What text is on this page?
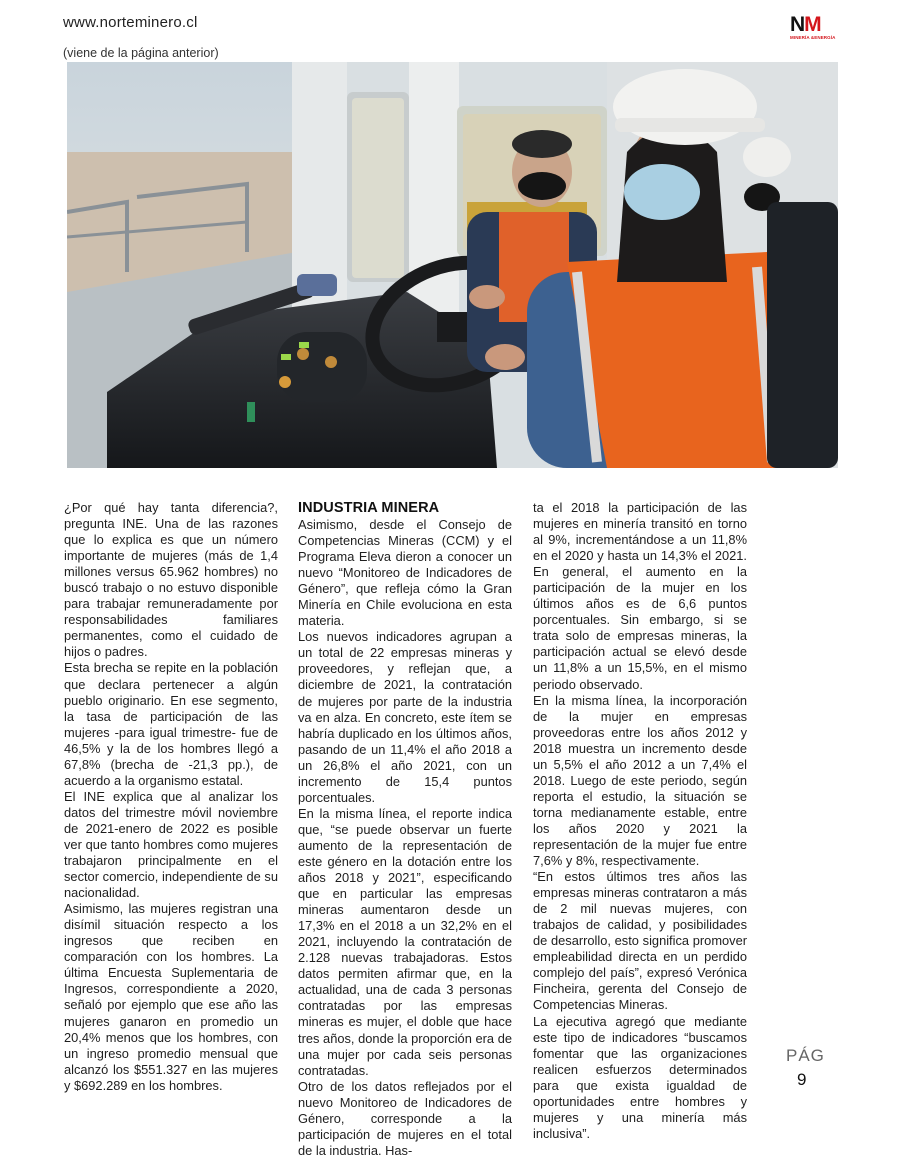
www.norteminero.cl
(viene de la página anterior)
NM
MINERÍA &ENERGÍA

¿Por qué hay tanta diferencia?, pregunta INE. Una de las razones que lo explica es que un número importante de mujeres (más de 1,4 millones versus 65.962 hombres) no buscó trabajo o no estuvo disponible para trabajar remuneradamente por responsabilidades familiares permanentes, como el cuidado de hijos o padres.

Esta brecha se repite en la población que declara pertenecer a algún pueblo originario. En ese segmento, la tasa de participación de las mujeres -para igual trimestre- fue de 46,5% y la de los hombres llegó a 67,8% (brecha de -21,3 pp.), de acuerdo a la organismo estatal.

El INE explica que al analizar los datos del trimestre móvil noviembre de 2021-enero de 2022 es posible ver que tanto hombres como mujeres trabajaron principalmente en el sector comercio, independiente de su nacionalidad.

Asimismo, las mujeres registran una disímil situación respecto a los ingresos que reciben en comparación con los hombres. La última Encuesta Suplementaria de Ingresos, correspondiente a 2020, señaló por ejemplo que ese año las mujeres ganaron en promedio un 20,4% menos que los hombres, con un ingreso promedio mensual que alcanzó los $551.327 en las mujeres y $692.289 en los hombres.

INDUSTRIA MINERA

Asimismo, desde el Consejo de Competencias Mineras (CCM) y el Programa Eleva dieron a conocer un nuevo “Monitoreo de Indicadores de Género”, que refleja cómo la Gran Minería en Chile evoluciona en esta materia.

Los nuevos indicadores agrupan a un total de 22 empresas mineras y proveedores, y reflejan que, a diciembre de 2021, la contratación de mujeres por parte de la industria va en alza. En concreto, este ítem se habría duplicado en los últimos años, pasando de un 11,4% el año 2018 a un 26,8% el año 2021, con un incremento de 15,4 puntos porcentuales.

En la misma línea, el reporte indica que, “se puede observar un fuerte aumento de la representación de este género en la dotación entre los años 2018 y 2021”, especificando que en particular las empresas mineras aumentaron desde un 17,3% en el 2018 a un 32,2% en el 2021, incluyendo la contratación de 2.128 nuevas trabajadoras. Estos datos permiten afirmar que, en la actualidad, una de cada 3 personas contratadas por las empresas mineras es mujer, el doble que hace tres años, donde la proporción era de una mujer por cada seis personas contratadas.

Otro de los datos reflejados por el nuevo Monitoreo de Indicadores de Género, corresponde a la participación de mujeres en el total de la industria. Has-

ta el 2018 la participación de las mujeres en minería transitó en torno al 9%, incrementándose a un 11,8% en el 2020 y hasta un 14,3% el 2021. En general, el aumento en la participación de la mujer en los últimos años es de 6,6 puntos porcentuales. Sin embargo, si se trata solo de empresas mineras, la participación actual se elevó desde un 11,8% a un 15,5%, en el mismo periodo observado.

En la misma línea, la incorporación de la mujer en empresas proveedoras entre los años 2012 y 2018 muestra un incremento desde un 5,5% el año 2012 a un 7,4% el 2018. Luego de este periodo, según reporta el estudio, la situación se torna medianamente estable, entre los años 2020 y 2021 la representación de la mujer fue entre 7,6% y 8%, respectivamente.

“En estos últimos tres años las empresas mineras contrataron a más de 2 mil nuevas mujeres, con trabajos de calidad, y posibilidades de desarrollo, esto significa promover empleabilidad directa en un perdido complejo del país”, expresó Verónica Fincheira, gerenta del Consejo de Competencias Mineras.

La ejecutiva agregó que mediante este tipo de indicadores “buscamos fomentar que las organizaciones realicen esfuerzos determinados para que exista igualdad de oportunidades entre hombres y mujeres y una minería más inclusiva”.

PÁG
9
